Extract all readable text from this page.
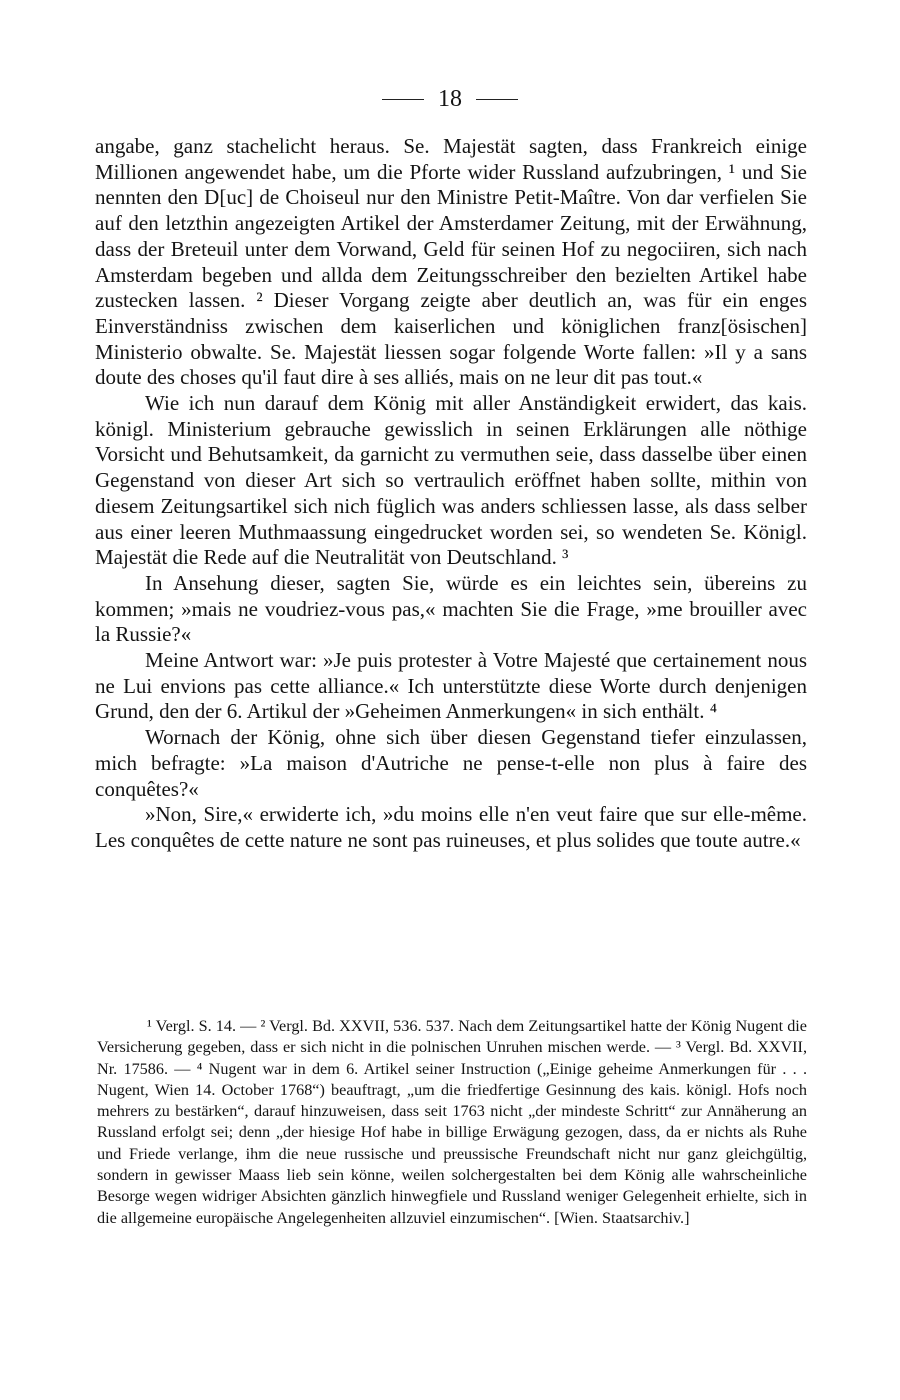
18

angabe, ganz stachelicht heraus. Se. Majestät sagten, dass Frankreich einige Millionen angewendet habe, um die Pforte wider Russland aufzubringen, ¹ und Sie nennten den D[uc] de Choiseul nur den Ministre Petit-Maître. Von dar verfielen Sie auf den letzthin angezeigten Artikel der Amsterdamer Zeitung, mit der Erwähnung, dass der Breteuil unter dem Vorwand, Geld für seinen Hof zu negociiren, sich nach Amsterdam begeben und allda dem Zeitungsschreiber den bezielten Artikel habe zustecken lassen. ² Dieser Vorgang zeigte aber deutlich an, was für ein enges Einverständniss zwischen dem kaiserlichen und königlichen franz[ösischen] Ministerio obwalte. Se. Majestät liessen sogar folgende Worte fallen: »Il y a sans doute des choses qu'il faut dire à ses alliés, mais on ne leur dit pas tout.«

Wie ich nun darauf dem König mit aller Anständigkeit erwidert, das kais. königl. Ministerium gebrauche gewisslich in seinen Erklärungen alle nöthige Vorsicht und Behutsamkeit, da garnicht zu vermuthen seie, dass dasselbe über einen Gegenstand von dieser Art sich so vertraulich eröffnet haben sollte, mithin von diesem Zeitungsartikel sich nich füglich was anders schliessen lasse, als dass selber aus einer leeren Muthmaassung eingedrucket worden sei, so wendeten Se. Königl. Majestät die Rede auf die Neutralität von Deutschland. ³

In Ansehung dieser, sagten Sie, würde es ein leichtes sein, übereins zu kommen; »mais ne voudriez-vous pas,« machten Sie die Frage, »me brouiller avec la Russie?«

Meine Antwort war: »Je puis protester à Votre Majesté que certainement nous ne Lui envions pas cette alliance.« Ich unterstützte diese Worte durch denjenigen Grund, den der 6. Artikul der »Geheimen Anmerkungen« in sich enthält. ⁴

Wornach der König, ohne sich über diesen Gegenstand tiefer einzulassen, mich befragte: »La maison d'Autriche ne pense-t-elle non plus à faire des conquêtes?«

»Non, Sire,« erwiderte ich, »du moins elle n'en veut faire que sur elle-même. Les conquêtes de cette nature ne sont pas ruineuses, et plus solides que toute autre.«

¹ Vergl. S. 14. — ² Vergl. Bd. XXVII, 536. 537. Nach dem Zeitungsartikel hatte der König Nugent die Versicherung gegeben, dass er sich nicht in die polnischen Unruhen mischen werde. — ³ Vergl. Bd. XXVII, Nr. 17586. — ⁴ Nugent war in dem 6. Artikel seiner Instruction („Einige geheime Anmerkungen für . . . Nugent, Wien 14. October 1768“) beauftragt, „um die friedfertige Gesinnung des kais. königl. Hofs noch mehrers zu bestärken“, darauf hinzuweisen, dass seit 1763 nicht „der mindeste Schritt“ zur Annäherung an Russland erfolgt sei; denn „der hiesige Hof habe in billige Erwägung gezogen, dass, da er nichts als Ruhe und Friede verlange, ihm die neue russische und preussische Freundschaft nicht nur ganz gleichgültig, sondern in gewisser Maass lieb sein könne, weilen solchergestalten bei dem König alle wahrscheinliche Besorge wegen widriger Absichten gänzlich hinwegfiele und Russland weniger Gelegenheit erhielte, sich in die allgemeine europäische Angelegenheiten allzuviel einzumischen“. [Wien. Staatsarchiv.]
